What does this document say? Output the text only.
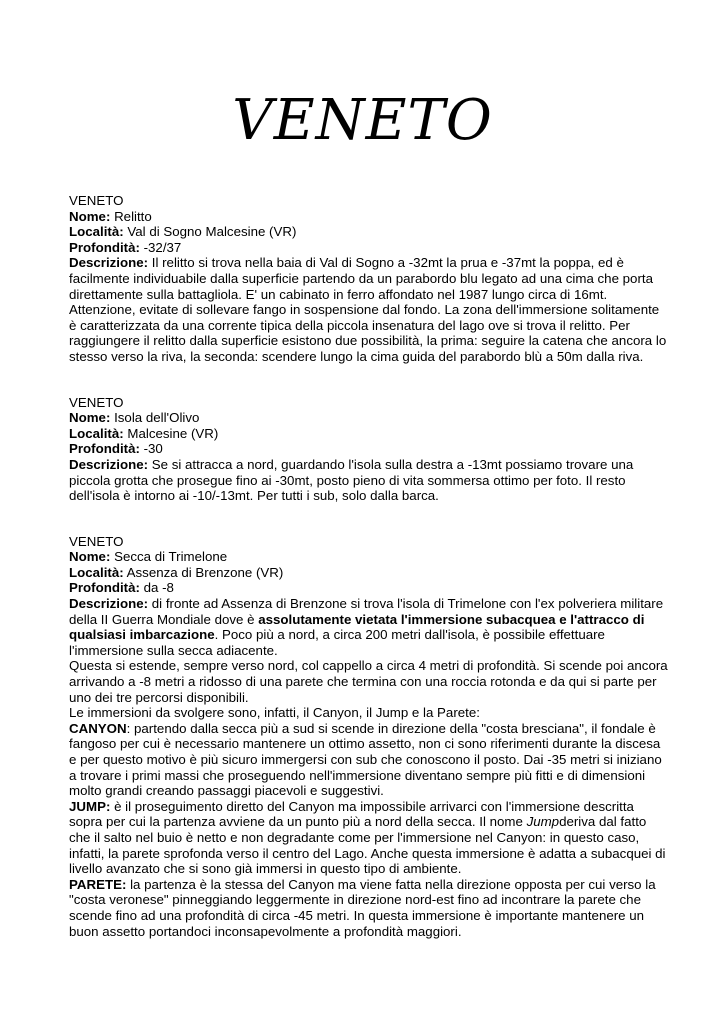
VENETO

VENETO

Nome: Relitto

Località: Val di Sogno Malcesine (VR)

Profondità: -32/37

Descrizione: Il relitto si trova nella baia di Val di Sogno a -32mt la prua e -37mt la poppa, ed è facilmente individuabile dalla superficie partendo da un parabordo blu legato ad una cima che porta direttamente sulla battagliola. E' un cabinato in ferro affondato nel 1987 lungo circa di 16mt. Attenzione, evitate di sollevare fango in sospensione dal fondo. La zona dell'immersione solitamente è caratterizzata da una corrente tipica della piccola insenatura del lago ove si trova il relitto. Per raggiungere il relitto dalla superficie esistono due possibilità, la prima: seguire la catena che ancora lo stesso verso la riva, la seconda: scendere lungo la cima guida del parabordo blù a 50m dalla riva.

VENETO

Nome: Isola dell'Olivo

Località: Malcesine (VR)

Profondità: -30

Descrizione: Se si attracca a nord, guardando l'isola sulla destra a -13mt possiamo trovare una piccola grotta che prosegue fino ai -30mt, posto pieno di vita sommersa ottimo per foto. Il resto dell'isola è intorno ai -10/-13mt. Per tutti i sub, solo dalla barca.

VENETO

Nome: Secca di Trimelone

Località: Assenza di Brenzone (VR)

Profondità: da -8

Descrizione: di fronte ad Assenza di Brenzone si trova l'isola di Trimelone con l'ex polveriera militare della II Guerra Mondiale dove è assolutamente vietata l'immersione subacquea e l'attracco di qualsiasi imbarcazione. Poco più a nord, a circa 200 metri dall'isola, è possibile effettuare l'immersione sulla secca adiacente.

Questa si estende, sempre verso nord, col cappello a circa 4 metri di profondità. Si scende poi ancora arrivando a -8 metri a ridosso di una parete che termina con una roccia rotonda e da qui si parte per uno dei tre percorsi disponibili.

Le immersioni da svolgere sono, infatti, il Canyon, il Jump e la Parete:

CANYON: partendo dalla secca più a sud si scende in direzione della "costa bresciana", il fondale è fangoso per cui è necessario mantenere un ottimo assetto, non ci sono riferimenti durante la discesa e per questo motivo è più sicuro immergersi con sub che conoscono il posto. Dai -35 metri si iniziano a trovare i primi massi che proseguendo nell'immersione diventano sempre più fitti e di dimensioni molto grandi creando passaggi piacevoli e suggestivi.

JUMP: è il proseguimento diretto del Canyon ma impossibile arrivarci con l'immersione descritta sopra per cui la partenza avviene da un punto più a nord della secca. Il nome Jumpderiva dal fatto che il salto nel buio è netto e non degradante come per l'immersione nel Canyon: in questo caso, infatti, la parete sprofonda verso il centro del Lago. Anche questa immersione è adatta a subacquei di livello avanzato che si sono già immersi in questo tipo di ambiente.

PARETE: la partenza è la stessa del Canyon ma viene fatta nella direzione opposta per cui verso la "costa veronese" pinneggiando leggermente in direzione nord-est fino ad incontrare la parete che scende fino ad una profondità di circa -45 metri. In questa immersione è importante mantenere un buon assetto portandoci inconsapevolmente a profondità maggiori.
